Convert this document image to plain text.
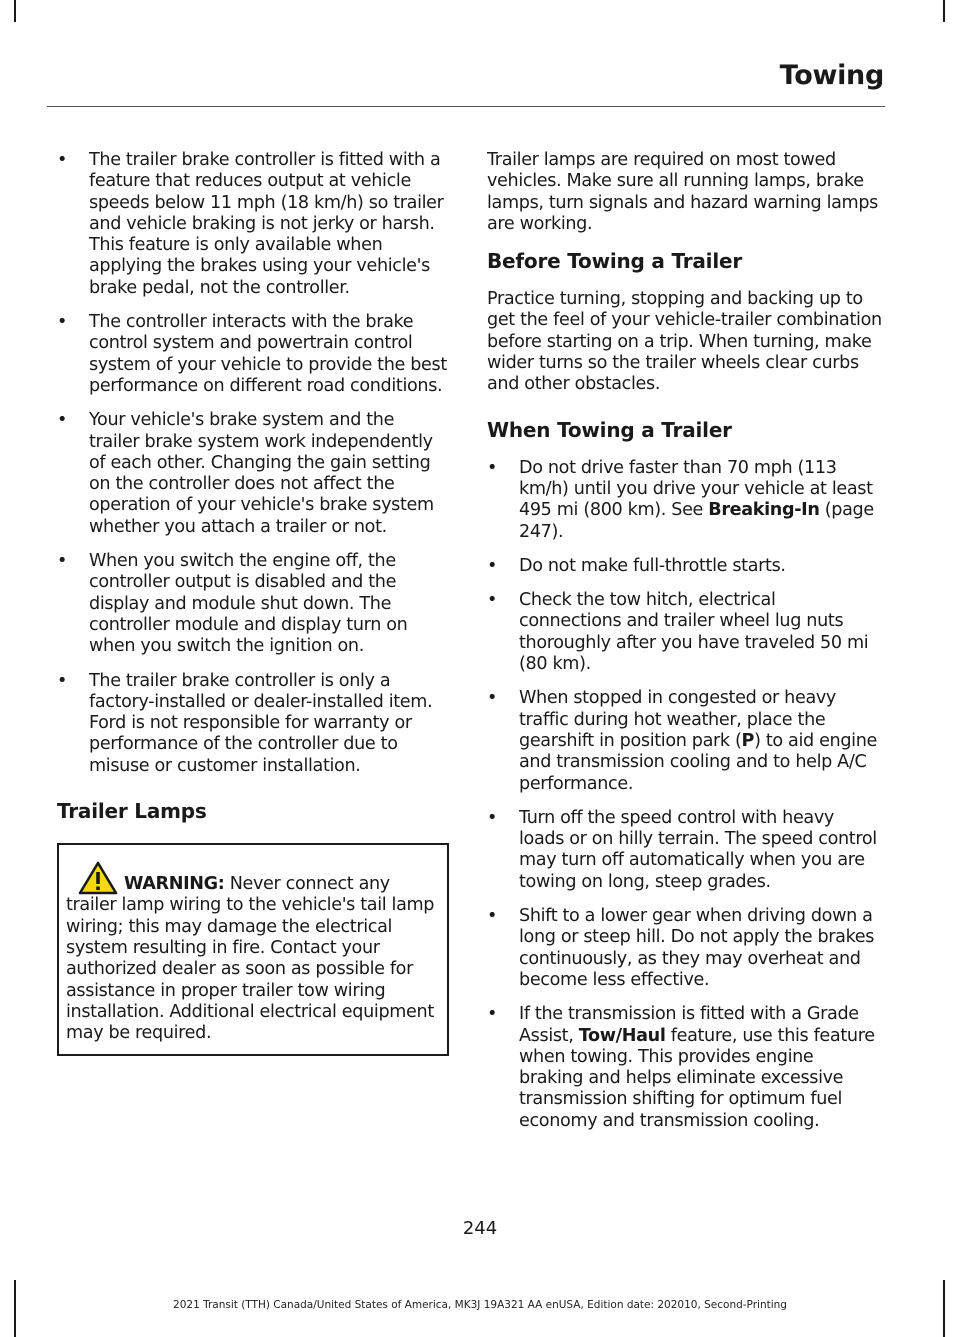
Towing
• The trailer brake controller is fitted with a feature that reduces output at vehicle speeds below 11 mph (18 km/h) so trailer and vehicle braking is not jerky or harsh. This feature is only available when applying the brakes using your vehicle's brake pedal, not the controller.
• The controller interacts with the brake control system and powertrain control system of your vehicle to provide the best performance on different road conditions.
• Your vehicle's brake system and the trailer brake system work independently of each other. Changing the gain setting on the controller does not affect the operation of your vehicle's brake system whether you attach a trailer or not.
• When you switch the engine off, the controller output is disabled and the display and module shut down. The controller module and display turn on when you switch the ignition on.
• The trailer brake controller is only a factory-installed or dealer-installed item. Ford is not responsible for warranty or performance of the controller due to misuse or customer installation.
Trailer Lamps
WARNING: Never connect any trailer lamp wiring to the vehicle's tail lamp wiring; this may damage the electrical system resulting in fire. Contact your authorized dealer as soon as possible for assistance in proper trailer tow wiring installation. Additional electrical equipment may be required.

Trailer lamps are required on most towed vehicles. Make sure all running lamps, brake lamps, turn signals and hazard warning lamps are working.

Before Towing a Trailer

Practice turning, stopping and backing up to get the feel of your vehicle-trailer combination before starting on a trip. When turning, make wider turns so the trailer wheels clear curbs and other obstacles.

When Towing a Trailer
• Do not drive faster than 70 mph (113 km/h) until you drive your vehicle at least 495 mi (800 km). See Breaking-In (page 247).
• Do not make full-throttle starts.
• Check the tow hitch, electrical connections and trailer wheel lug nuts thoroughly after you have traveled 50 mi (80 km).
• When stopped in congested or heavy traffic during hot weather, place the gearshift in position park (P) to aid engine and transmission cooling and to help A/C performance.
• Turn off the speed control with heavy loads or on hilly terrain. The speed control may turn off automatically when you are towing on long, steep grades.
• Shift to a lower gear when driving down a long or steep hill. Do not apply the brakes continuously, as they may overheat and become less effective.
• If the transmission is fitted with a Grade Assist, Tow/Haul feature, use this feature when towing. This provides engine braking and helps eliminate excessive transmission shifting for optimum fuel economy and transmission cooling.
244
2021 Transit (TTH) Canada/United States of America, MK3J 19A321 AA enUSA, Edition date: 202010, Second-Printing
